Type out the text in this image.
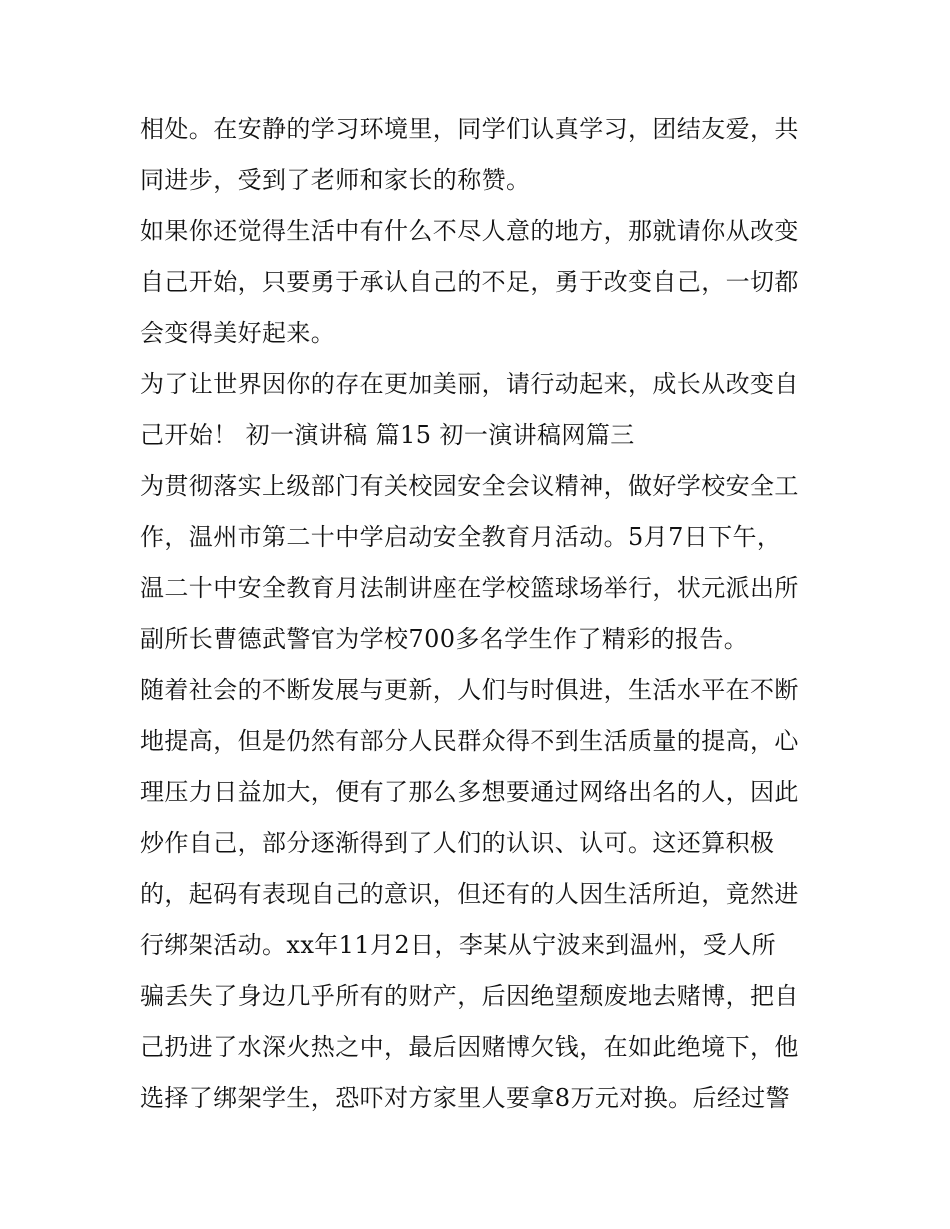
相处。在安静的学习环境里，同学们认真学习，团结友爱，共
同进步，受到了老师和家长的称赞。
如果你还觉得生活中有什么不尽人意的地方，那就请你从改变
自己开始，只要勇于承认自己的不足，勇于改变自己，一切都
会变得美好起来。
为了让世界因你的存在更加美丽，请行动起来，成长从改变自
己开始！ 初一演讲稿 篇15 初一演讲稿网篇三
为贯彻落实上级部门有关校园安全会议精神，做好学校安全工
作，温州市第二十中学启动安全教育月活动。5月7日下午，
温二十中安全教育月法制讲座在学校篮球场举行，状元派出所
副所长曹德武警官为学校700多名学生作了精彩的报告。
随着社会的不断发展与更新，人们与时俱进，生活水平在不断
地提高，但是仍然有部分人民群众得不到生活质量的提高，心
理压力日益加大，便有了那么多想要通过网络出名的人，因此
炒作自己，部分逐渐得到了人们的认识、认可。这还算积极
的，起码有表现自己的意识，但还有的人因生活所迫，竟然进
行绑架活动。xx年11月2日，李某从宁波来到温州，受人所
骗丢失了身边几乎所有的财产，后因绝望颓废地去赌博，把自
己扔进了水深火热之中，最后因赌博欠钱，在如此绝境下，他
选择了绑架学生，恐吓对方家里人要拿8万元对换。后经过警
